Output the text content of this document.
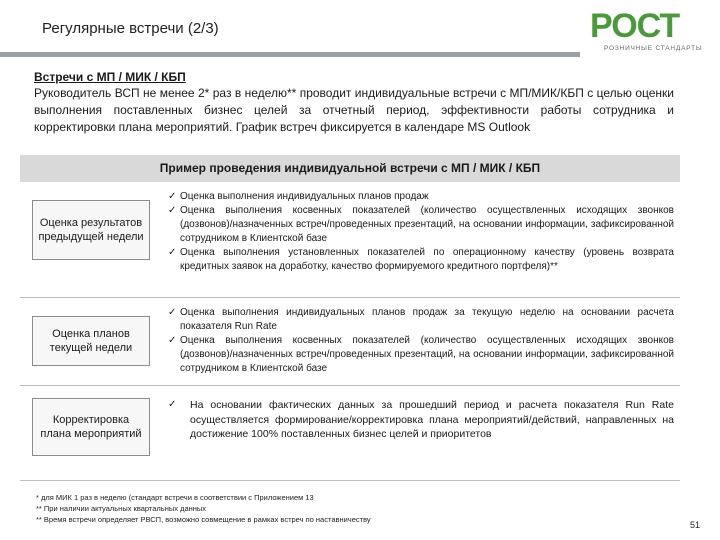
Регулярные встречи (2/3)	РОСТ
РОЗНИЧНЫЕ СТАНДАРТЫ
Встречи с МП / МИК / КБП
Руководитель ВСП не менее 2* раз в неделю** проводит индивидуальные встречи с МП/МИК/КБП с целью оценки выполнения поставленных бизнес целей за отчетный период, эффективности работы сотрудника и корректировки плана мероприятий. График встреч фиксируется в календаре MS Outlook
Пример проведения индивидуальной встречи с МП / МИК / КБП
Оценка результатов предыдущей недели
✓ Оценка выполнения индивидуальных планов продаж
✓ Оценка выполнения косвенных показателей (количество осуществленных исходящих звонков (дозвонов)/назначенных встреч/проведенных презентаций, на основании информации, зафиксированной сотрудником в Клиентской базе
✓ Оценка выполнения установленных показателей по операционному качеству (уровень возврата кредитных заявок на доработку, качество формируемого кредитного портфеля)**
Оценка планов текущей недели
✓ Оценка выполнения индивидуальных планов продаж за текущую неделю на основании расчета показателя Run Rate
✓ Оценка выполнения косвенных показателей (количество осуществленных исходящих звонков (дозвонов)/назначенных встреч/проведенных презентаций, на основании информации, зафиксированной сотрудником в Клиентской базе
Корректировка плана мероприятий
✓ На основании фактических данных за прошедший период и расчета показателя Run Rate осуществляется формирование/корректировка плана мероприятий/действий, направленных на достижение 100% поставленных бизнес целей и приоритетов
* для МИК 1 раз в неделю (стандарт встречи в соответствии с Приложением 13
** При наличии актуальных квартальных данных
** Время встречи определяет РВСП, возможно совмещение в рамках встреч по наставничеству
51
